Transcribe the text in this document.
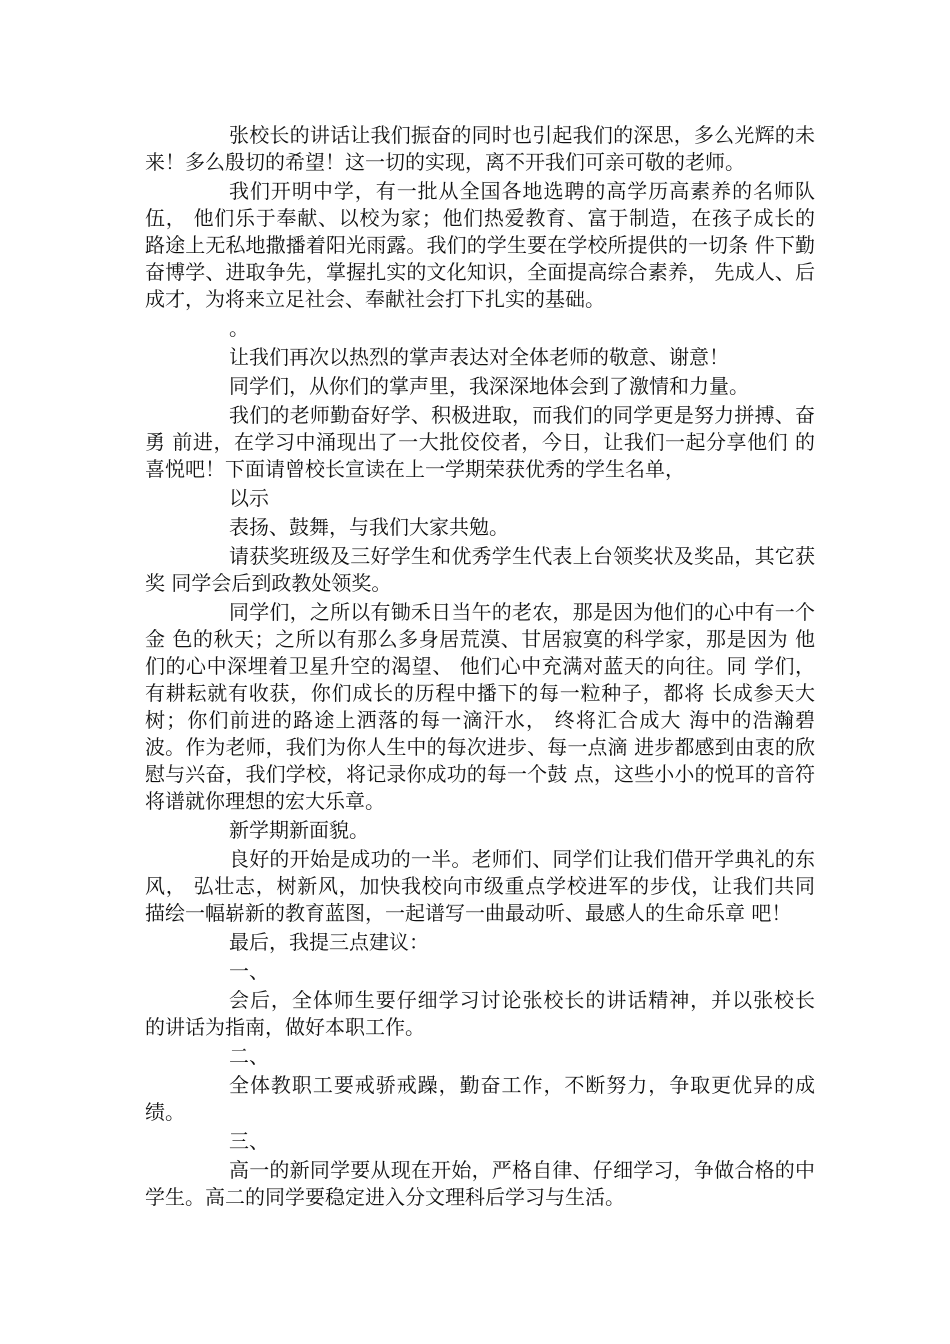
张校长的讲话让我们振奋的同时也引起我们的深思，多么光辉的未 来！多么殷切的希望！这一切的实现，离不开我们可亲可敬的老师。

我们开明中学，有一批从全国各地选聘的高学历高素养的名师队伍， 他们乐于奉献、以校为家；他们热爱教育、富于制造，在孩子成长的 路途上无私地撒播着阳光雨露。我们的学生要在学校所提供的一切条 件下勤奋博学、进取争先，掌握扎实的文化知识，全面提高综合素养， 先成人、后成才，为将来立足社会、奉献社会打下扎实的基础。

。

让我们再次以热烈的掌声表达对全体老师的敬意、谢意！

同学们，从你们的掌声里，我深深地体会到了激情和力量。

我们的老师勤奋好学、积极进取，而我们的同学更是努力拼搏、奋勇 前进，在学习中涌现出了一大批佼佼者，今日，让我们一起分享他们 的喜悦吧！下面请曾校长宣读在上一学期荣获优秀的学生名单，

以示

表扬、鼓舞，与我们大家共勉。

请获奖班级及三好学生和优秀学生代表上台领奖状及奖品，其它获奖 同学会后到政教处领奖。

同学们，之所以有锄禾日当午的老农，那是因为他们的心中有一个金 色的秋天；之所以有那么多身居荒漠、甘居寂寞的科学家，那是因为 他们的心中深埋着卫星升空的渴望、 他们心中充满对蓝天的向往。同 学们，有耕耘就有收获，你们成长的历程中播下的每一粒种子，都将 长成参天大树；你们前进的路途上洒落的每一滴汗水， 终将汇合成大 海中的浩瀚碧波。作为老师，我们为你人生中的每次进步、每一点滴 进步都感到由衷的欣慰与兴奋，我们学校，将记录你成功的每一个鼓 点，这些小小的悦耳的音符将谱就你理想的宏大乐章。

新学期新面貌。

良好的开始是成功的一半。老师们、同学们让我们借开学典礼的东风， 弘壮志，树新风，加快我校向市级重点学校进军的步伐，让我们共同 描绘一幅崭新的教育蓝图，一起谱写一曲最动听、最感人的生命乐章 吧！

最后，我提三点建议：

一、

会后，全体师生要仔细学习讨论张校长的讲话精神，并以张校长 的讲话为指南，做好本职工作。

二、

全体教职工要戒骄戒躁，勤奋工作，不断努力，争取更优异的成 绩。

三、

高一的新同学要从现在开始，严格自律、仔细学习，争做合格的中学生。高二的同学要稳定进入分文理科后学习与生活。
